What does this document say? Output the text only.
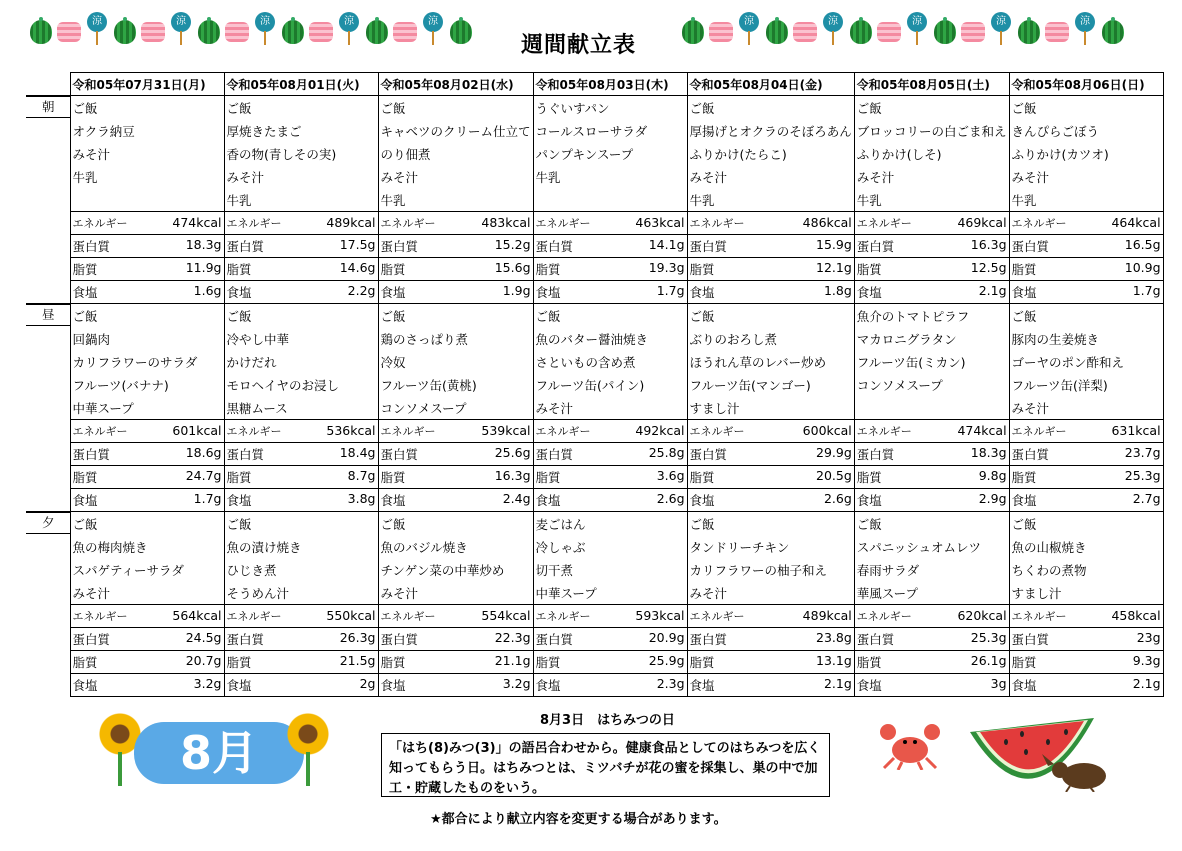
涼	涼	涼	涼	涼
週間献立表
涼	涼	涼	涼	涼
	令和05年07月31日(月)	令和05年08月01日(火)	令和05年08月02日(水)	令和05年08月03日(木)	令和05年08月04日(金)	令和05年08月05日(土)	令和05年08月06日(日)

朝	ご飯	ご飯	ご飯	うぐいすパン	ご飯	ご飯	ご飯
	オクラ納豆	厚焼きたまご	キャベツのクリーム仕立て	コールスローサラダ	厚揚げとオクラのそぼろあん	ブロッコリーの白ごま和え	きんぴらごぼう
	みそ汁	香の物(青しその実)	のり佃煮	パンプキンスープ	ふりかけ(たらこ)	ふりかけ(しそ)	ふりかけ(カツオ)
	牛乳	みそ汁	みそ汁	牛乳	みそ汁	みそ汁	みそ汁
		牛乳	牛乳		牛乳	牛乳	牛乳

	エネルギー 474kcal	エネルギー 489kcal	エネルギー 483kcal	エネルギー 463kcal	エネルギー 486kcal	エネルギー 469kcal	エネルギー 464kcal

	蛋白質 18.3g	蛋白質 17.5g	蛋白質 15.2g	蛋白質 14.1g	蛋白質 15.9g	蛋白質 16.3g	蛋白質 16.5g

	脂質 11.9g	脂質 14.6g	脂質 15.6g	脂質 19.3g	脂質 12.1g	脂質 12.5g	脂質 10.9g

	食塩 1.6g	食塩 2.2g	食塩 1.9g	食塩 1.7g	食塩 1.8g	食塩 2.1g	食塩 1.7g

昼	ご飯	ご飯	ご飯	ご飯	ご飯	魚介のトマトピラフ	ご飯
	回鍋肉	冷やし中華	鶏のさっぱり煮	魚のバター醤油焼き	ぶりのおろし煮	マカロニグラタン	豚肉の生姜焼き
	カリフラワーのサラダ	かけだれ	冷奴	さといもの含め煮	ほうれん草のレバー炒め	フルーツ缶(ミカン)	ゴーヤのポン酢和え
	フルーツ(バナナ)	モロヘイヤのお浸し	フルーツ缶(黄桃)	フルーツ缶(パイン)	フルーツ缶(マンゴー)	コンソメスープ	フルーツ缶(洋梨)
	中華スープ	黒糖ムース	コンソメスープ	みそ汁	すまし汁		みそ汁

	エネルギー 601kcal	エネルギー 536kcal	エネルギー 539kcal	エネルギー 492kcal	エネルギー 600kcal	エネルギー 474kcal	エネルギー 631kcal

	蛋白質 18.6g	蛋白質 18.4g	蛋白質 25.6g	蛋白質 25.8g	蛋白質 29.9g	蛋白質 18.3g	蛋白質 23.7g

	脂質 24.7g	脂質 8.7g	脂質 16.3g	脂質 3.6g	脂質 20.5g	脂質 9.8g	脂質 25.3g

	食塩 1.7g	食塩 3.8g	食塩 2.4g	食塩 2.6g	食塩 2.6g	食塩 2.9g	食塩 2.7g

夕	ご飯	ご飯	ご飯	麦ごはん	ご飯	ご飯	ご飯
	魚の梅肉焼き	魚の漬け焼き	魚のバジル焼き	冷しゃぶ	タンドリーチキン	スパニッシュオムレツ	魚の山椒焼き
	スパゲティーサラダ	ひじき煮	チンゲン菜の中華炒め	切干煮	カリフラワーの柚子和え	春雨サラダ	ちくわの煮物
	みそ汁	そうめん汁	みそ汁	中華スープ	みそ汁	華風スープ	すまし汁

	エネルギー 564kcal	エネルギー 550kcal	エネルギー 554kcal	エネルギー 593kcal	エネルギー 489kcal	エネルギー 620kcal	エネルギー 458kcal

	蛋白質 24.5g	蛋白質 26.3g	蛋白質 22.3g	蛋白質 20.9g	蛋白質 23.8g	蛋白質 25.3g	蛋白質 23g

	脂質 20.7g	脂質 21.5g	脂質 21.1g	脂質 25.9g	脂質 13.1g	脂質 26.1g	脂質 9.3g

	食塩 3.2g	食塩 2g	食塩 3.2g	食塩 2.3g	食塩 2.1g	食塩 3g	食塩 2.1g
8月
8月3日　はちみつの日
「はち(8)みつ(3)」の語呂合わせから。健康食品としてのはちみつを広く知ってもらう日。はちみつとは、ミツバチが花の蜜を採集し、巣の中で加工・貯蔵したものをいう。
★都合により献立内容を変更する場合があります。
